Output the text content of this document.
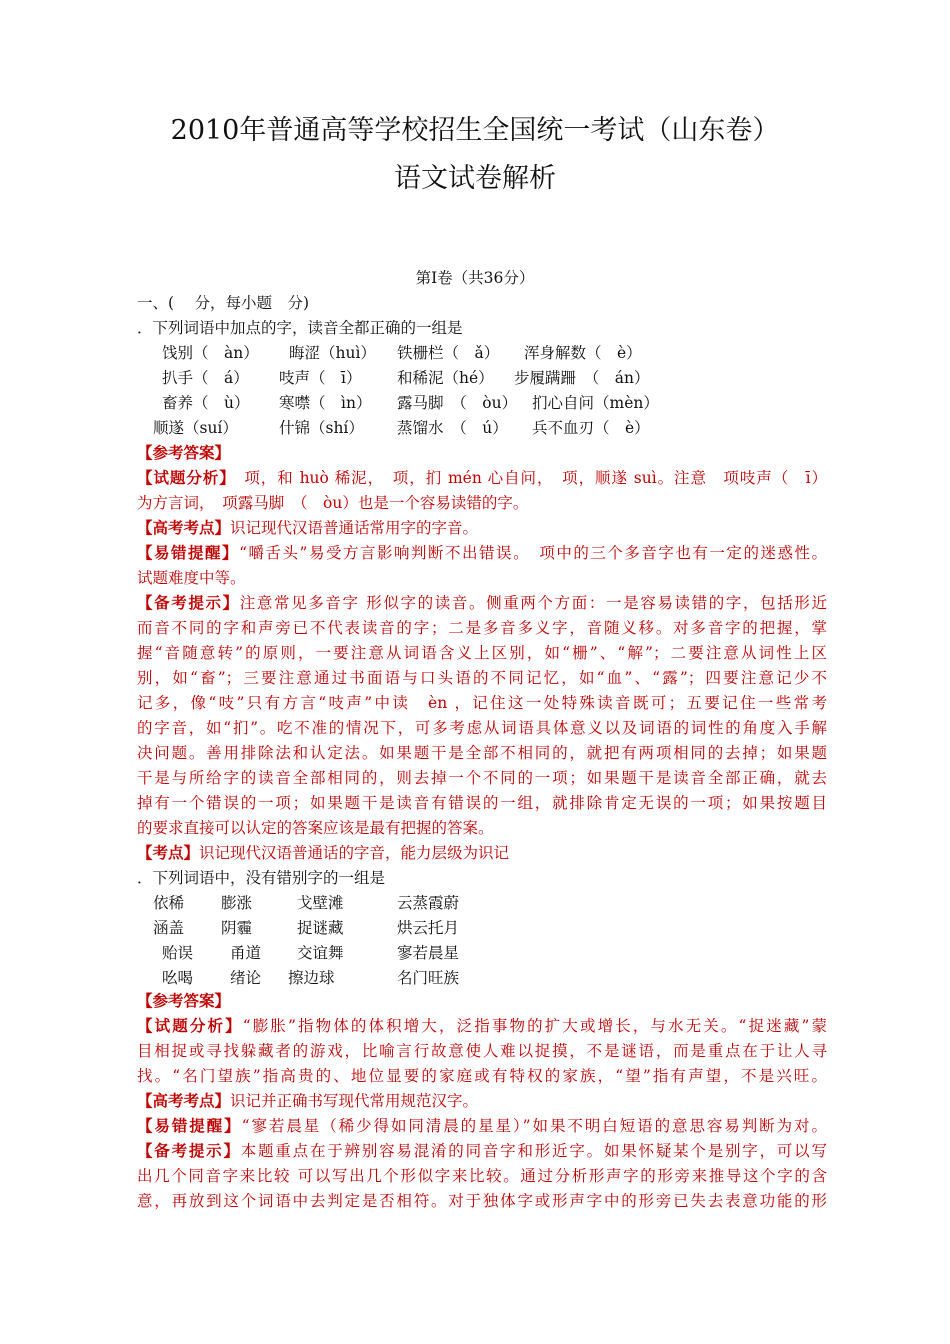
2010年普通高等学校招生全国统一考试（山东卷）
语文试卷解析
第Ⅰ卷（共36分）
一、(　 分，每小题　分)
．下列词语中加点的字，读音全都正确的一组是
饯别（　àn） 晦涩（huì） 铁栅栏（　ǎ） 浑身解数（　è）
扒手（　á） 吱声（　ī） 和稀泥（hé） 步履蹒跚　（　án）
畜养（　ù） 寒噤（　ìn） 露马脚　（　òu） 扪心自问（mèn）
顺遂（suí）	什锦（shí） 蒸馏水　（　ú） 兵不血刃（　è）
【参考答案】
【试题分析】　项，和 huò 稀泥，　项，扪 mén 心自问，　项，顺遂 suì。注意　项吱声（　ī）
为方言词，　项露马脚　（　òu）也是一个容易读错的字。
【高考考点】识记现代汉语普通话常用字的字音。
【易错提醒】“嚼舌头”易受方言影响判断不出错误。　项中的三个多音字也有一定的迷惑性。
试题难度中等。
【备考提示】注意常见多音字 形似字的读音。侧重两个方面：一是容易读错的字，包括形近
而音不同的字和声旁已不代表读音的字；二是多音多义字，音随义移。对多音字的把握，掌
握“音随意转”的原则，一要注意从词语含义上区别，如“栅”、“解”；二要注意从词性上区
别，如“畜”；三要注意通过书面语与口头语的不同记忆，如“血”、“露”；四要注意记少不
记多，像“吱”只有方言“吱声”中读　èn ，记住这一处特殊读音既可；五要记住一些常考
的字音，如“扪”。吃不准的情况下，可多考虑从词语具体意义以及词语的词性的角度入手解
决问题。善用排除法和认定法。如果题干是全部不相同的，就把有两项相同的去掉；如果题
干是与所给字的读音全部相同的，则去掉一个不同的一项；如果题干是读音全部正确，就去
掉有一个错误的一项；如果题干是读音有错误的一组，就排除肯定无误的一项；如果按题目
的要求直接可以认定的答案应该是最有把握的答案。
【考点】识记现代汉语普通话的字音，能力层级为识记
．下列词语中，没有错别字的一组是
依稀 膨涨	戈壁滩	云蒸霞蔚
涵盖 阴霾	捉谜藏	烘云托月
贻误 甬道 交谊舞	寥若晨星
吆喝 绪论 擦边球	名门旺族
【参考答案】
【试题分析】“膨胀”指物体的体积增大，泛指事物的扩大或增长，与水无关。“捉迷藏”蒙
目相捉或寻找躲藏者的游戏，比喻言行故意使人难以捉摸，不是谜语，而是重点在于让人寻
找。“名门望族”指高贵的、地位显要的家庭或有特权的家族，“望”指有声望，不是兴旺。
【高考考点】识记并正确书写现代常用规范汉字。
【易错提醒】“寥若晨星（稀少得如同清晨的星星）”如果不明白短语的意思容易判断为对。
【备考提示】本题重点在于辨别容易混淆的同音字和形近字。如果怀疑某个是别字，可以写
出几个同音字来比较 可以写出几个形似字来比较。通过分析形声字的形旁来推导这个字的含
意，再放到这个词语中去判定是否相符。对于独体字或形声字中的形旁已失去表意功能的形
